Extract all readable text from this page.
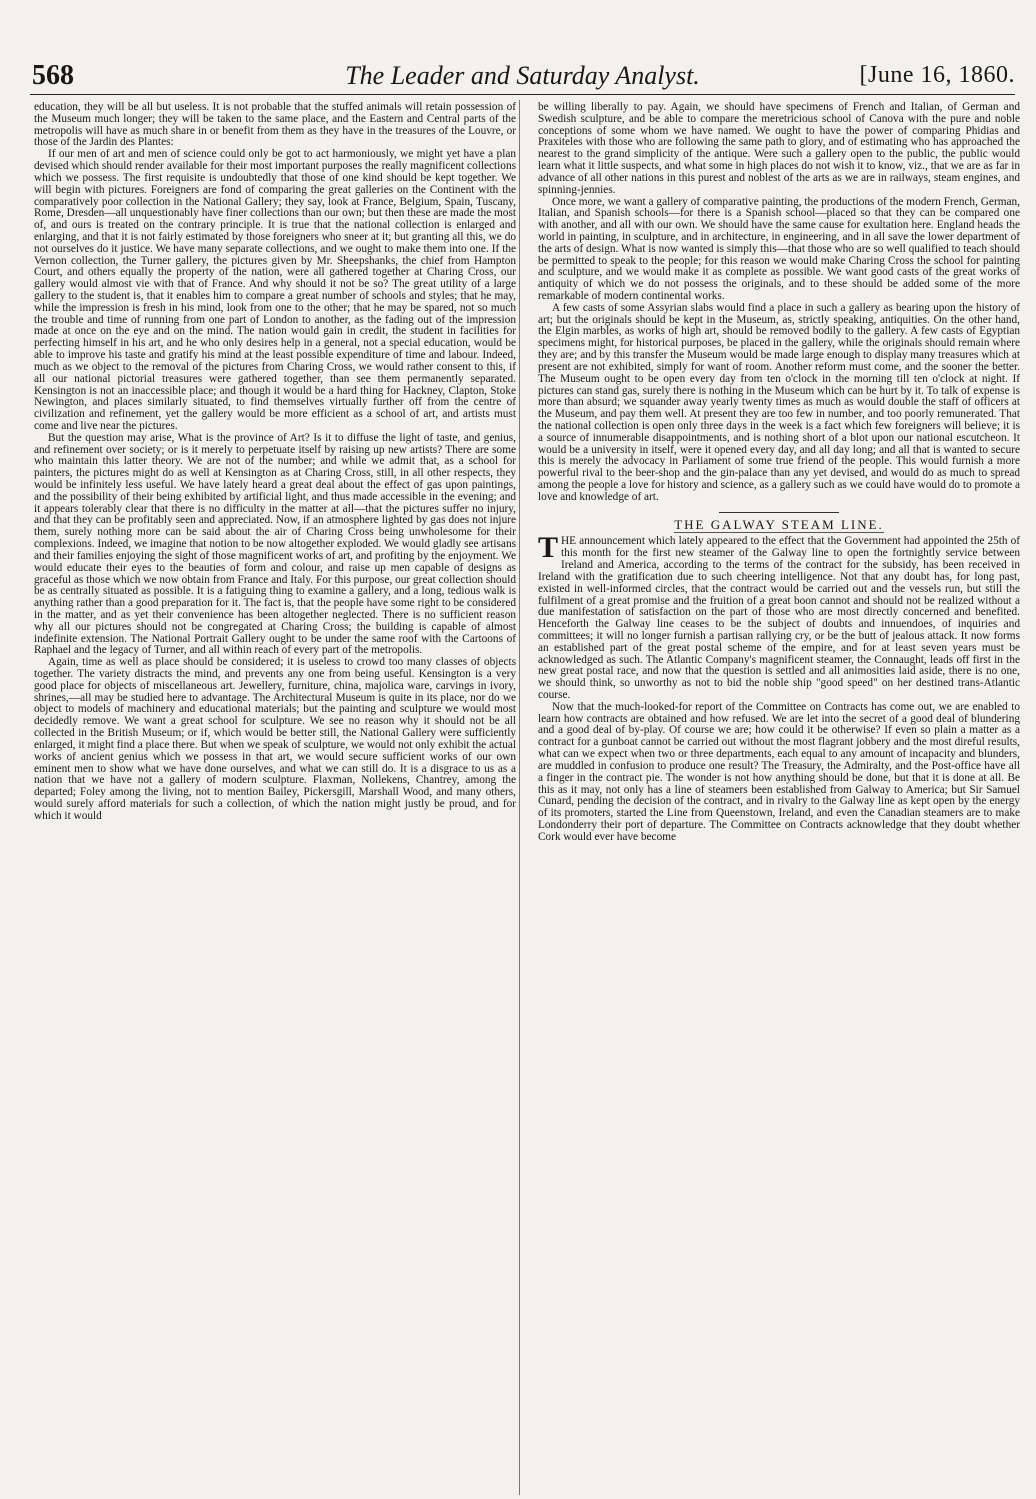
568	The Leader and Saturday Analyst.	[June 16, 1860.

education, they will be all but useless. It is not probable that the stuffed animals will retain possession of the Museum much longer; they will be taken to the same place, and the Eastern and Central parts of the metropolis will have as much share in or benefit from them as they have in the treasures of the Louvre, or those of the Jardin des Plantes:

If our men of art and men of science could only be got to act harmoniously, we might yet have a plan devised which should render available for their most important purposes the really magnificent collections which we possess. The first requisite is undoubtedly that those of one kind should be kept together. We will begin with pictures. Foreigners are fond of comparing the great galleries on the Continent with the comparatively poor collection in the National Gallery; they say, look at France, Belgium, Spain, Tuscany, Rome, Dresden—all unquestionably have finer collections than our own; but then these are made the most of, and ours is treated on the contrary principle. It is true that the national collection is enlarged and enlarging, and that it is not fairly estimated by those foreigners who sneer at it; but granting all this, we do not ourselves do it justice. We have many separate collections, and we ought to make them into one. If the Vernon collection, the Turner gallery, the pictures given by Mr. Sheepshanks, the chief from Hampton Court, and others equally the property of the nation, were all gathered together at Charing Cross, our gallery would almost vie with that of France. And why should it not be so? The great utility of a large gallery to the student is, that it enables him to compare a great number of schools and styles; that he may, while the impression is fresh in his mind, look from one to the other; that he may be spared, not so much the trouble and time of running from one part of London to another, as the fading out of the impression made at once on the eye and on the mind. The nation would gain in credit, the student in facilities for perfecting himself in his art, and he who only desires help in a general, not a special education, would be able to improve his taste and gratify his mind at the least possible expenditure of time and labour. Indeed, much as we object to the removal of the pictures from Charing Cross, we would rather consent to this, if all our national pictorial treasures were gathered together, than see them permanently separated. Kensington is not an inaccessible place; and though it would be a hard thing for Hackney, Clapton, Stoke Newington, and places similarly situated, to find themselves virtually further off from the centre of civilization and refinement, yet the gallery would be more efficient as a school of art, and artists must come and live near the pictures.

But the question may arise, What is the province of Art? Is it to diffuse the light of taste, and genius, and refinement over society; or is it merely to perpetuate itself by raising up new artists? There are some who maintain this latter theory. We are not of the number; and while we admit that, as a school for painters, the pictures might do as well at Kensington as at Charing Cross, still, in all other respects, they would be infinitely less useful. We have lately heard a great deal about the effect of gas upon paintings, and the possibility of their being exhibited by artificial light, and thus made accessible in the evening; and it appears tolerably clear that there is no difficulty in the matter at all—that the pictures suffer no injury, and that they can be profitably seen and appreciated. Now, if an atmosphere lighted by gas does not injure them, surely nothing more can be said about the air of Charing Cross being unwholesome for their complexions. Indeed, we imagine that notion to be now altogether exploded. We would gladly see artisans and their families enjoying the sight of those magnificent works of art, and profiting by the enjoyment. We would educate their eyes to the beauties of form and colour, and raise up men capable of designs as graceful as those which we now obtain from France and Italy. For this purpose, our great collection should be as centrally situated as possible. It is a fatiguing thing to examine a gallery, and a long, tedious walk is anything rather than a good preparation for it. The fact is, that the people have some right to be considered in the matter, and as yet their convenience has been altogether neglected. There is no sufficient reason why all our pictures should not be congregated at Charing Cross; the building is capable of almost indefinite extension. The National Portrait Gallery ought to be under the same roof with the Cartoons of Raphael and the legacy of Turner, and all within reach of every part of the metropolis.

Again, time as well as place should be considered; it is useless to crowd too many classes of objects together. The variety distracts the mind, and prevents any one from being useful. Kensington is a very good place for objects of miscellaneous art. Jewellery, furniture, china, majolica ware, carvings in ivory, shrines,—all may be studied here to advantage. The Architectural Museum is quite in its place, nor do we object to models of machinery and educational materials; but the painting and sculpture we would most decidedly remove. We want a great school for sculpture. We see no reason why it should not be all collected in the British Museum; or if, which would be better still, the National Gallery were sufficiently enlarged, it might find a place there. But when we speak of sculpture, we would not only exhibit the actual works of ancient genius which we possess in that art, we would secure sufficient works of our own eminent men to show what we have done ourselves, and what we can still do. It is a disgrace to us as a nation that we have not a gallery of modern sculpture. Flaxman, Nollekens, Chantrey, among the departed; Foley among the living, not to mention Bailey, Pickersgill, Marshall Wood, and many others, would surely afford materials for such a collection, of which the nation might justly be proud, and for which it would

be willing liberally to pay. Again, we should have specimens of French and Italian, of German and Swedish sculpture, and be able to compare the meretricious school of Canova with the pure and noble conceptions of some whom we have named. We ought to have the power of comparing Phidias and Praxiteles with those who are following the same path to glory, and of estimating who has approached the nearest to the grand simplicity of the antique. Were such a gallery open to the public, the public would learn what it little suspects, and what some in high places do not wish it to know, viz., that we are as far in advance of all other nations in this purest and noblest of the arts as we are in railways, steam engines, and spinning-jennies.

Once more, we want a gallery of comparative painting, the productions of the modern French, German, Italian, and Spanish schools—for there is a Spanish school—placed so that they can be compared one with another, and all with our own. We should have the same cause for exultation here. England heads the world in painting, in sculpture, and in architecture, in engineering, and in all save the lower department of the arts of design. What is now wanted is simply this—that those who are so well qualified to teach should be permitted to speak to the people; for this reason we would make Charing Cross the school for painting and sculpture, and we would make it as complete as possible. We want good casts of the great works of antiquity of which we do not possess the originals, and to these should be added some of the more remarkable of modern continental works.

A few casts of some Assyrian slabs would find a place in such a gallery as bearing upon the history of art; but the originals should be kept in the Museum, as, strictly speaking, antiquities. On the other hand, the Elgin marbles, as works of high art, should be removed bodily to the gallery. A few casts of Egyptian specimens might, for historical purposes, be placed in the gallery, while the originals should remain where they are; and by this transfer the Museum would be made large enough to display many treasures which at present are not exhibited, simply for want of room. Another reform must come, and the sooner the better. The Museum ought to be open every day from ten o'clock in the morning till ten o'clock at night. If pictures can stand gas, surely there is nothing in the Museum which can be hurt by it. To talk of expense is more than absurd; we squander away yearly twenty times as much as would double the staff of officers at the Museum, and pay them well. At present they are too few in number, and too poorly remunerated. That the national collection is open only three days in the week is a fact which few foreigners will believe; it is a source of innumerable disappointments, and is nothing short of a blot upon our national escutcheon. It would be a university in itself, were it opened every day, and all day long; and all that is wanted to secure this is merely the advocacy in Parliament of some true friend of the people. This would furnish a more powerful rival to the beer-shop and the gin-palace than any yet devised, and would do as much to spread among the people a love for history and science, as a gallery such as we could have would do to promote a love and knowledge of art.

THE GALWAY STEAM LINE.

THE announcement which lately appeared to the effect that the Government had appointed the 25th of this month for the first new steamer of the Galway line to open the fortnightly service between Ireland and America, according to the terms of the contract for the subsidy, has been received in Ireland with the gratification due to such cheering intelligence. Not that any doubt has, for long past, existed in well-informed circles, that the contract would be carried out and the vessels run, but still the fulfilment of a great promise and the fruition of a great boon cannot and should not be realized without a due manifestation of satisfaction on the part of those who are most directly concerned and benefited. Henceforth the Galway line ceases to be the subject of doubts and innuendoes, of inquiries and committees; it will no longer furnish a partisan rallying cry, or be the butt of jealous attack. It now forms an established part of the great postal scheme of the empire, and for at least seven years must be acknowledged as such. The Atlantic Company's magnificent steamer, the Connaught, leads off first in the new great postal race, and now that the question is settled and all animosities laid aside, there is no one, we should think, so unworthy as not to bid the noble ship "good speed" on her destined trans-Atlantic course.

Now that the much-looked-for report of the Committee on Contracts has come out, we are enabled to learn how contracts are obtained and how refused. We are let into the secret of a good deal of blundering and a good deal of by-play. Of course we are; how could it be otherwise? If even so plain a matter as a contract for a gunboat cannot be carried out without the most flagrant jobbery and the most direful results, what can we expect when two or three departments, each equal to any amount of incapacity and blunders, are muddled in confusion to produce one result? The Treasury, the Admiralty, and the Post-office have all a finger in the contract pie. The wonder is not how anything should be done, but that it is done at all. Be this as it may, not only has a line of steamers been established from Galway to America; but Sir Samuel Cunard, pending the decision of the contract, and in rivalry to the Galway line as kept open by the energy of its promoters, started the Line from Queenstown, Ireland, and even the Canadian steamers are to make Londonderry their port of departure. The Committee on Contracts acknowledge that they doubt whether Cork would ever have become
